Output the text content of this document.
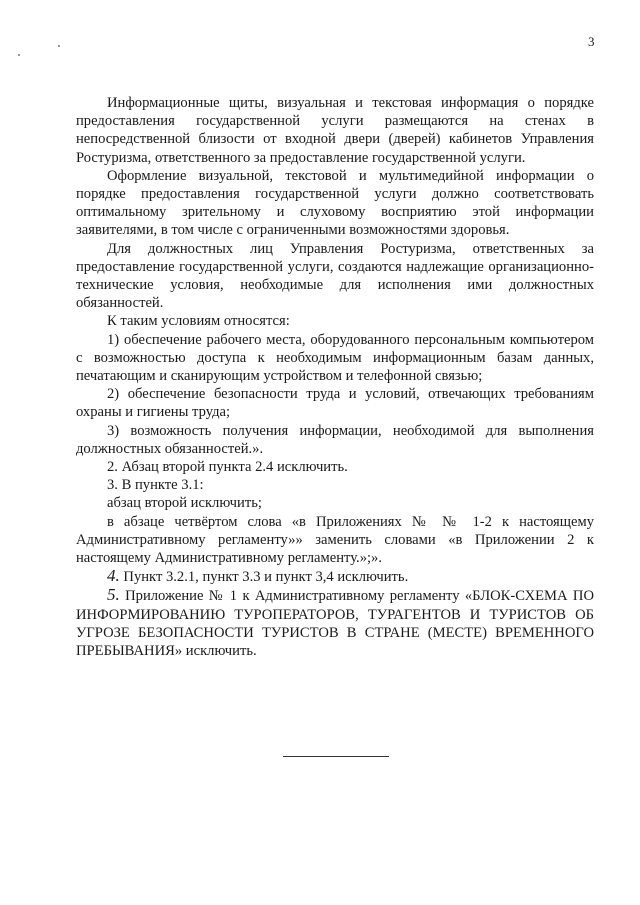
3

Информационные щиты, визуальная и текстовая информация о порядке предоставления государственной услуги размещаются на стенах в непосредственной близости от входной двери (дверей) кабинетов Управления Ростуризма, ответственного за предоставление государственной услуги.

Оформление визуальной, текстовой и мультимедийной информации о порядке предоставления государственной услуги должно соответствовать оптимальному зрительному и слуховому восприятию этой информации заявителями, в том числе с ограниченными возможностями здоровья.

Для должностных лиц Управления Ростуризма, ответственных за предоставление государственной услуги, создаются надлежащие организационно-технические условия, необходимые для исполнения ими должностных обязанностей.

К таким условиям относятся:

1) обеспечение рабочего места, оборудованного персональным компьютером с возможностью доступа к необходимым информационным базам данных, печатающим и сканирующим устройством и телефонной связью;

2) обеспечение безопасности труда и условий, отвечающих требованиям охраны и гигиены труда;

3) возможность получения информации, необходимой для выполнения должностных обязанностей.».

2. Абзац второй пункта 2.4 исключить.

3. В пункте 3.1:

абзац второй исключить;

в абзаце четвёртом слова «в Приложениях № № 1-2 к настоящему Административному регламенту»» заменить словами «в Приложении 2 к настоящему Административному регламенту.»;».

4. Пункт 3.2.1, пункт 3.3 и пункт 3,4 исключить.

5. Приложение № 1 к Административному регламенту «БЛОК-СХЕМА ПО ИНФОРМИРОВАНИЮ ТУРОПЕРАТОРОВ, ТУРАГЕНТОВ И ТУРИСТОВ ОБ УГРОЗЕ БЕЗОПАСНОСТИ ТУРИСТОВ В СТРАНЕ (МЕСТЕ) ВРЕМЕННОГО ПРЕБЫВАНИЯ» исключить.
